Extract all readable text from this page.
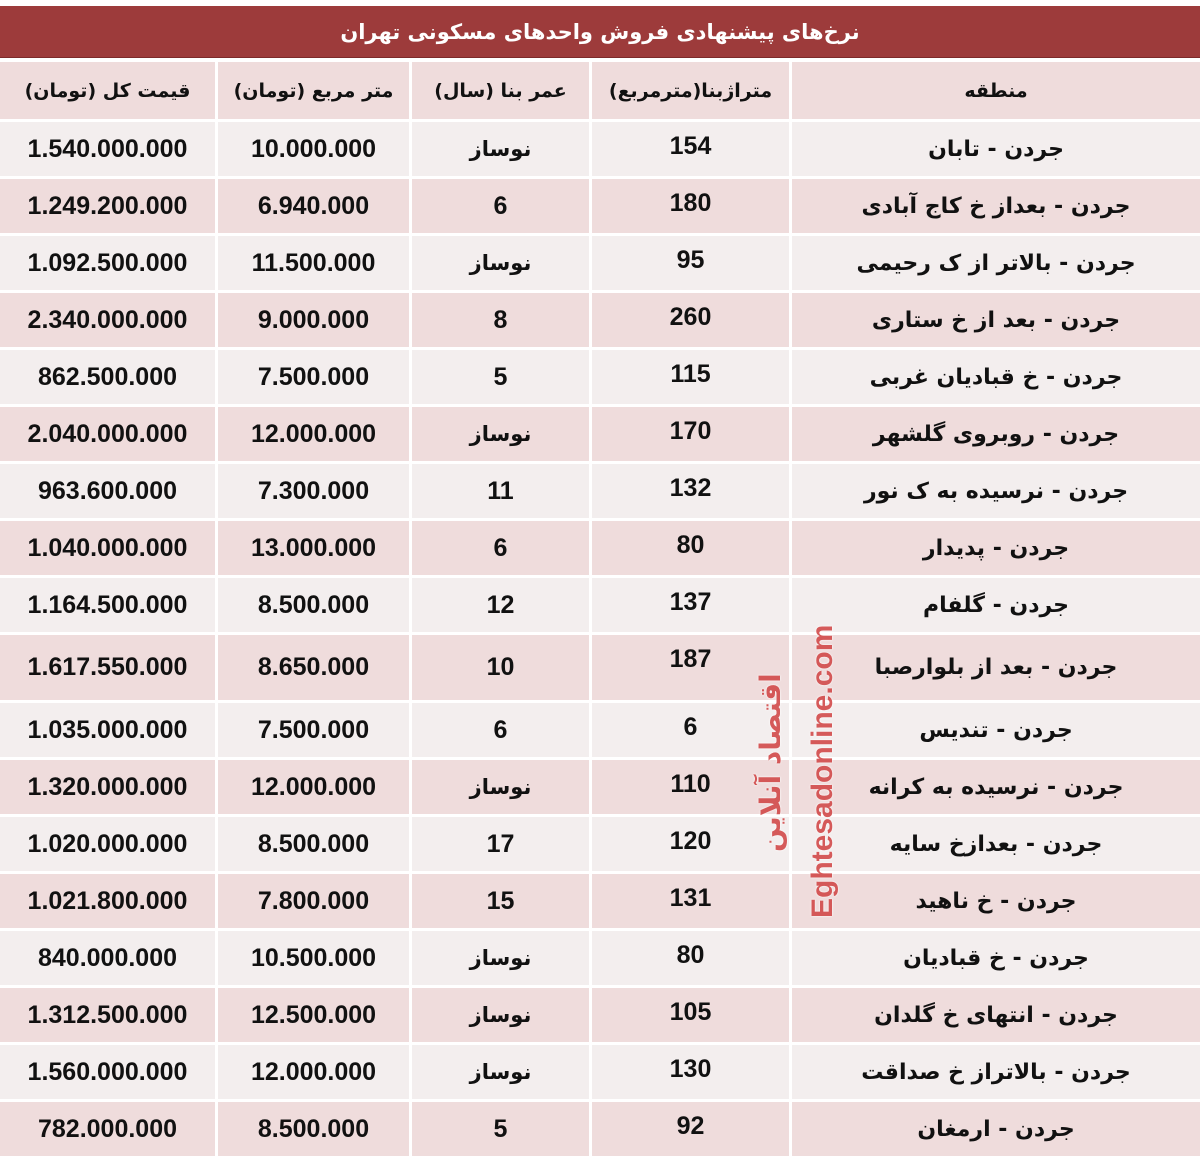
نرخ‌های پیشنهادی فروش واحدهای مسکونی تهران
قیمت کل (تومان)	متر مربع (تومان)	عمر بنا (سال)	متراژبنا(مترمربع)	منطقه
1.540.000.000	10.000.000	نوساز	154	جردن - تابان
1.249.200.000	6.940.000	6	180	جردن - بعداز خ کاج آبادی
1.092.500.000	11.500.000	نوساز	95	جردن - بالاتر از ک رحیمی
2.340.000.000	9.000.000	8	260	جردن - بعد از خ ستاری
862.500.000	7.500.000	5	115	جردن - خ قبادیان غربی
2.040.000.000	12.000.000	نوساز	170	جردن - روبروی گلشهر
963.600.000	7.300.000	11	132	جردن - نرسیده به ک نور
1.040.000.000	13.000.000	6	80	جردن - پدیدار
1.164.500.000	8.500.000	12	137	جردن - گلفام
1.617.550.000	8.650.000	10	187	جردن - بعد از بلوارصبا
1.035.000.000	7.500.000	6	6	جردن - تندیس
1.320.000.000	12.000.000	نوساز	110	جردن - نرسیده به کرانه
1.020.000.000	8.500.000	17	120	جردن - بعدازخ سایه
1.021.800.000	7.800.000	15	131	جردن - خ ناهید
840.000.000	10.500.000	نوساز	80	جردن - خ قبادیان
1.312.500.000	12.500.000	نوساز	105	جردن - انتهای خ گلدان
1.560.000.000	12.000.000	نوساز	130	جردن - بالاتراز خ صداقت
782.000.000	8.500.000	5	92	جردن - ارمغان
اقتصاد آنلاین Eghtesadonline.com
